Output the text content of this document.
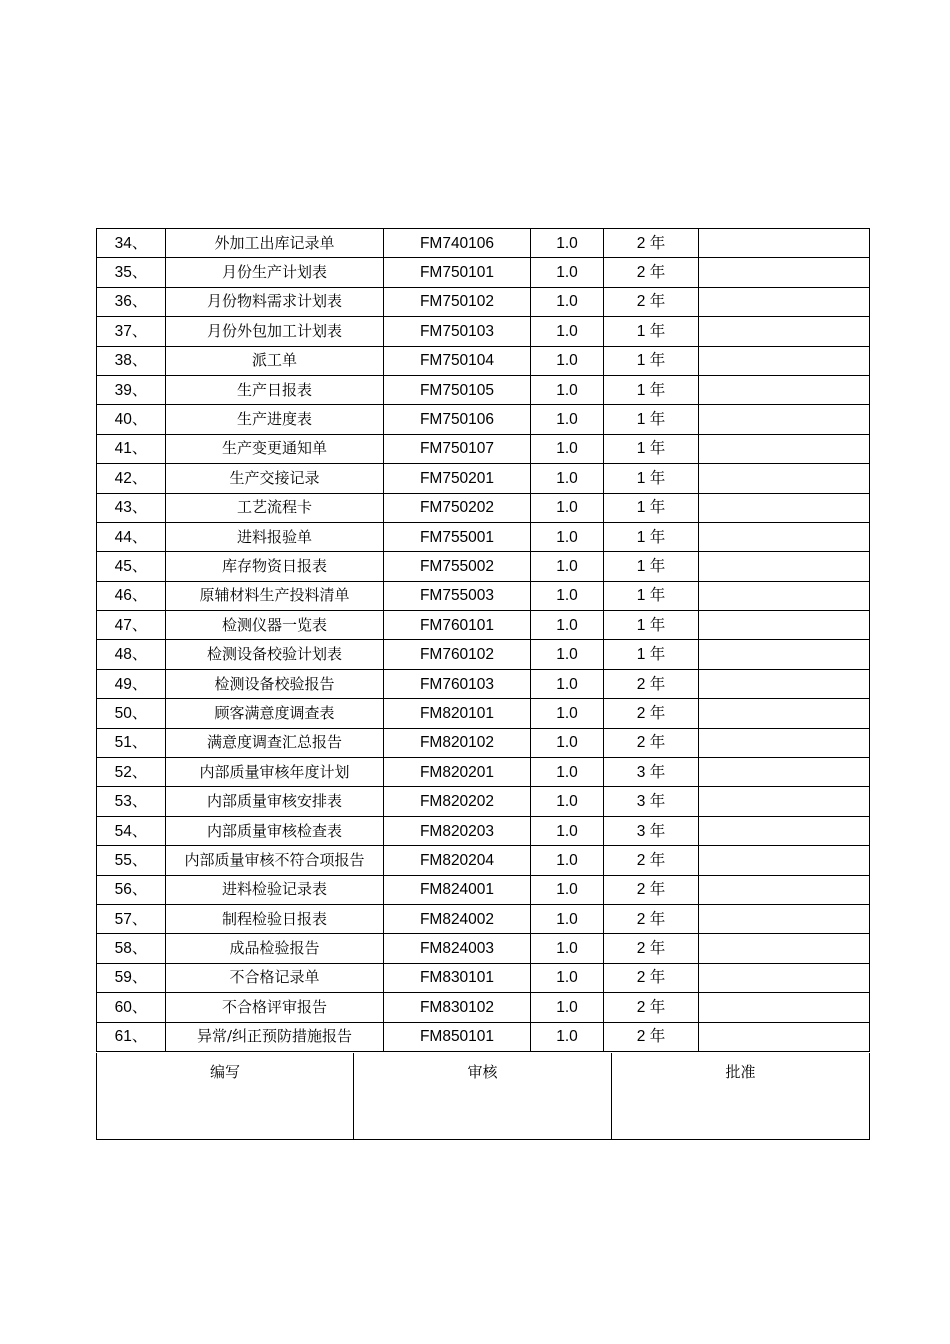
34、	外加工出库记录单	FM740106	1.0	2 年	
35、	月份生产计划表	FM750101	1.0	2 年	
36、	月份物料需求计划表	FM750102	1.0	2 年	
37、	月份外包加工计划表	FM750103	1.0	1 年	
38、	派工单	FM750104	1.0	1 年	
39、	生产日报表	FM750105	1.0	1 年	
40、	生产进度表	FM750106	1.0	1 年	
41、	生产变更通知单	FM750107	1.0	1 年	
42、	生产交接记录	FM750201	1.0	1 年	
43、	工艺流程卡	FM750202	1.0	1 年	
44、	进料报验单	FM755001	1.0	1 年	
45、	库存物资日报表	FM755002	1.0	1 年	
46、	原辅材料生产投料清单	FM755003	1.0	1 年	
47、	检测仪器一览表	FM760101	1.0	1 年	
48、	检测设备校验计划表	FM760102	1.0	1 年	
49、	检测设备校验报告	FM760103	1.0	2 年	
50、	顾客满意度调查表	FM820101	1.0	2 年	
51、	满意度调查汇总报告	FM820102	1.0	2 年	
52、	内部质量审核年度计划	FM820201	1.0	3 年	
53、	内部质量审核安排表	FM820202	1.0	3 年	
54、	内部质量审核检查表	FM820203	1.0	3 年	
55、	内部质量审核不符合项报告	FM820204	1.0	2 年	
56、	进料检验记录表	FM824001	1.0	2 年	
57、	制程检验日报表	FM824002	1.0	2 年	
58、	成品检验报告	FM824003	1.0	2 年	
59、	不合格记录单	FM830101	1.0	2 年	
60、	不合格评审报告	FM830102	1.0	2 年	
61、	异常/纠正预防措施报告	FM850101	1.0	2 年	
编写	审核	批准
